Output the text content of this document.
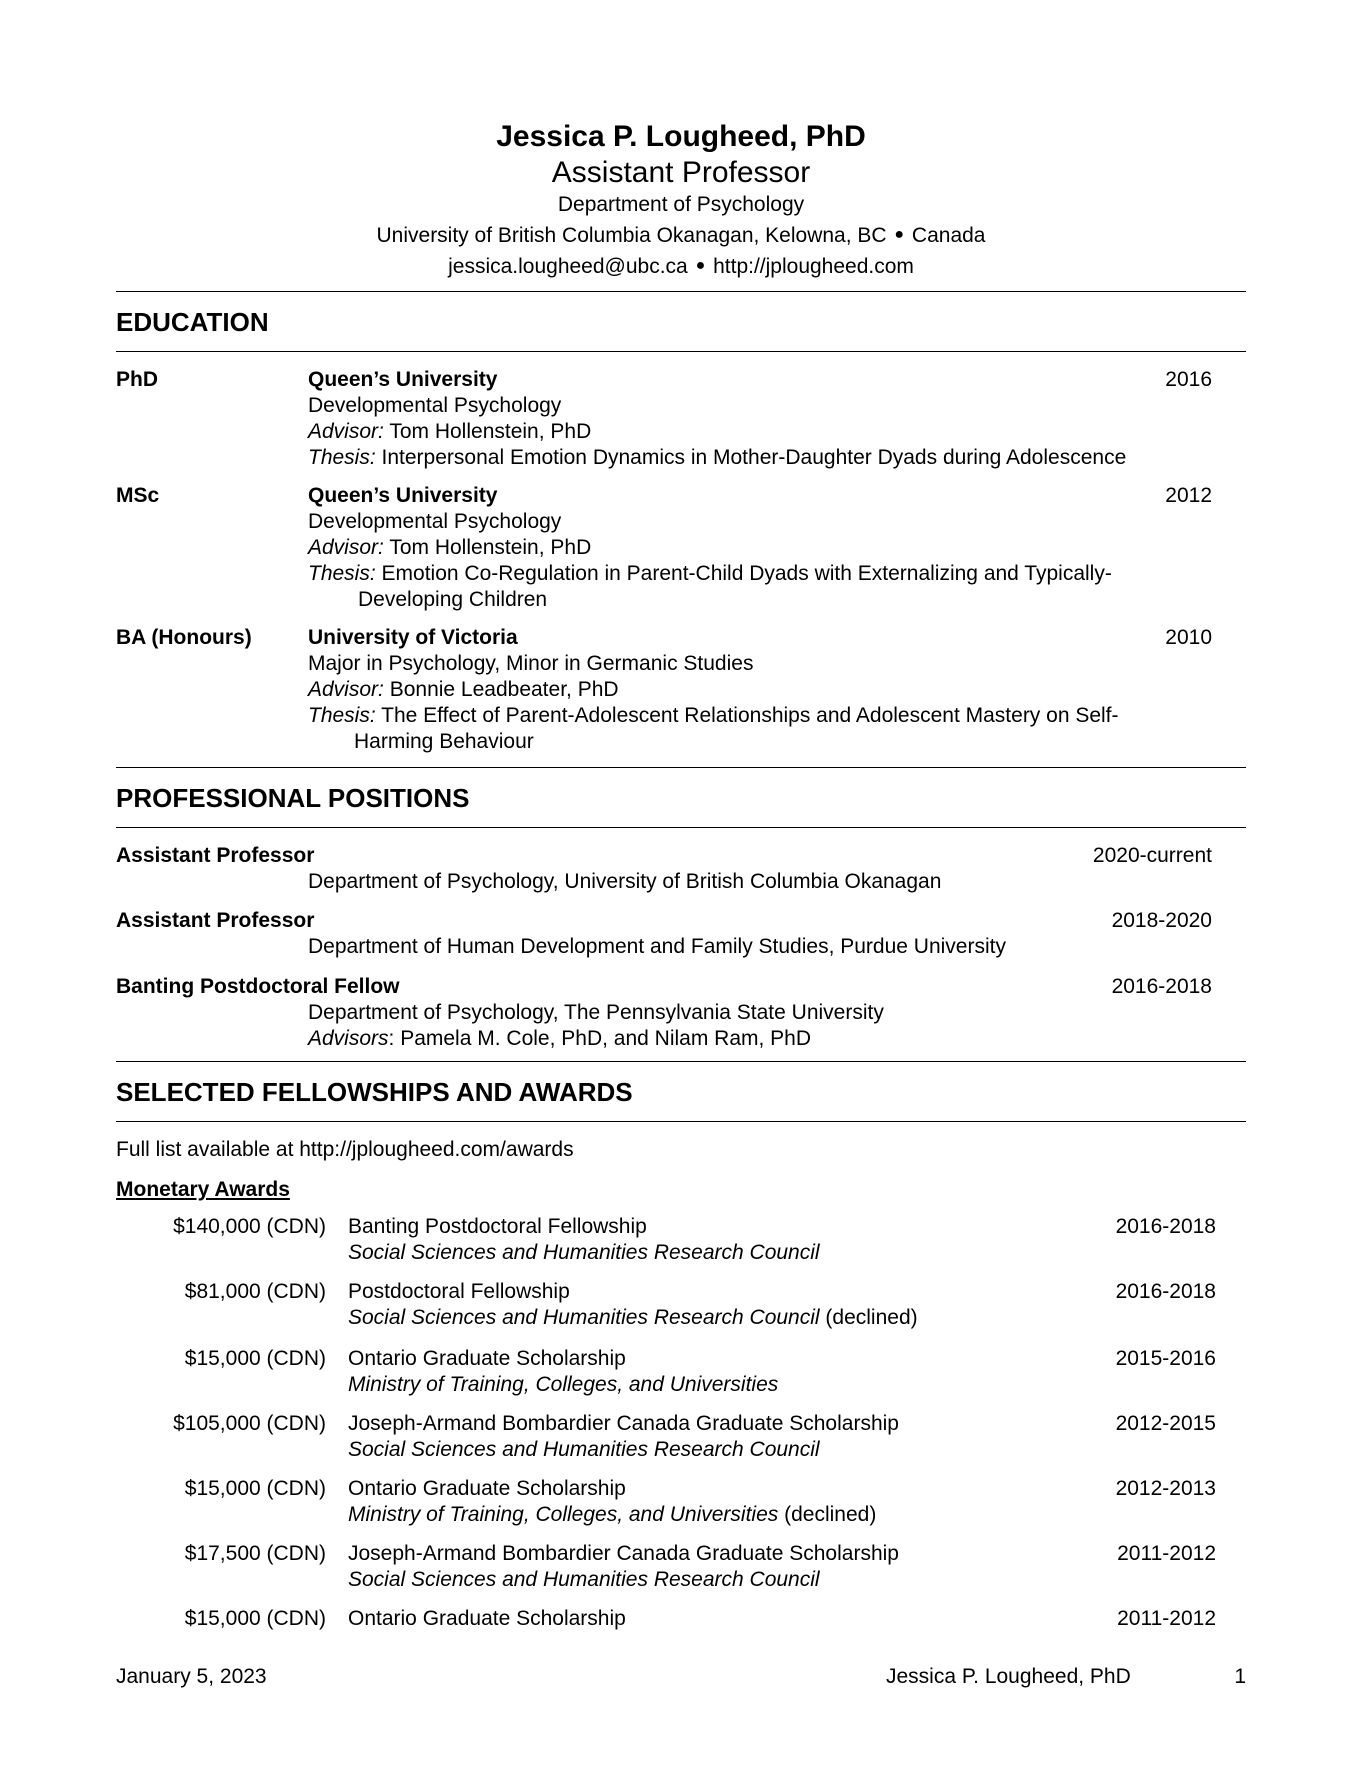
Jessica P. Lougheed, PhD
Assistant Professor
Department of Psychology
University of British Columbia Okanagan, Kelowna, BC ● Canada
jessica.lougheed@ubc.ca ● http://jplougheed.com
EDUCATION
PhD	Queen’s University
Developmental Psychology
Advisor: Tom Hollenstein, PhD
Thesis: Interpersonal Emotion Dynamics in Mother-Daughter Dyads during Adolescence
2016
MSc	Queen’s University
Developmental Psychology
Advisor: Tom Hollenstein, PhD
Thesis: Emotion Co-Regulation in Parent-Child Dyads with Externalizing and Typically-
Developing Children
2012
BA (Honours)	University of Victoria
Major in Psychology, Minor in Germanic Studies
Advisor: Bonnie Leadbeater, PhD
Thesis: The Effect of Parent-Adolescent Relationships and Adolescent Mastery on Self-
Harming Behaviour
2010
PROFESSIONAL POSITIONS
Assistant Professor	2020-current
Department of Psychology, University of British Columbia Okanagan
Assistant Professor	2018-2020
Department of Human Development and Family Studies, Purdue University
Banting Postdoctoral Fellow	2016-2018
Department of Psychology, The Pennsylvania State University
Advisors: Pamela M. Cole, PhD, and Nilam Ram, PhD
SELECTED FELLOWSHIPS AND AWARDS
Full list available at http://jplougheed.com/awards
Monetary Awards
$140,000 (CDN) Banting Postdoctoral Fellowship
Social Sciences and Humanities Research Council
2016-2018
$81,000 (CDN) Postdoctoral Fellowship
Social Sciences and Humanities Research Council (declined)
2016-2018
$15,000 (CDN) Ontario Graduate Scholarship
Ministry of Training, Colleges, and Universities
2015-2016
$105,000 (CDN) Joseph-Armand Bombardier Canada Graduate Scholarship
Social Sciences and Humanities Research Council
2012-2015
$15,000 (CDN) Ontario Graduate Scholarship
Ministry of Training, Colleges, and Universities (declined)
2012-2013
$17,500 (CDN) Joseph-Armand Bombardier Canada Graduate Scholarship
Social Sciences and Humanities Research Council
2011-2012
$15,000 (CDN) Ontario Graduate Scholarship	2011-2012
January 5, 2023	Jessica P. Lougheed, PhD	1
